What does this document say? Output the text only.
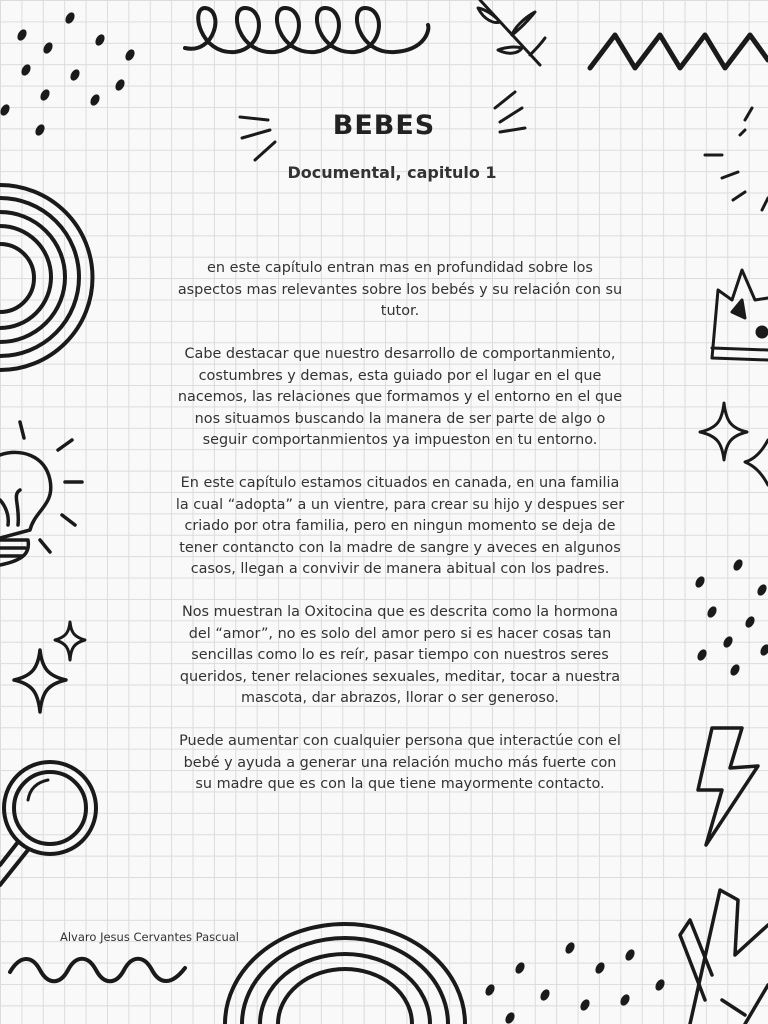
BEBES
Documental, capitulo 1

en este capítulo entran mas en profundidad sobre los aspectos mas relevantes sobre los bebés y su relación con su tutor.

Cabe destacar que nuestro desarrollo de comportanmiento, costumbres y demas, esta guiado por el lugar en el que nacemos, las relaciones que formamos y el entorno en el que nos situamos buscando la manera de ser parte de algo o seguir comportanmientos ya impueston en tu entorno.

En este capítulo estamos cituados en canada, en una familia la cual “adopta” a un vientre, para crear su hijo y despues ser criado por otra familia, pero en ningun momento se deja de tener contancto con la madre de sangre y aveces en algunos casos, llegan a convivir de manera abitual con los padres.

Nos muestran la Oxitocina que es descrita como la hormona del “amor”, no es solo del amor pero si es hacer cosas tan sencillas como lo es reír, pasar tiempo con nuestros seres queridos, tener relaciones sexuales, meditar, tocar a nuestra mascota, dar abrazos, llorar o ser generoso.

Puede aumentar con cualquier persona que interactúe con el bebé y ayuda a generar una relación mucho más fuerte con su madre que es con la que tiene mayormente contacto.

Alvaro Jesus Cervantes Pascual
